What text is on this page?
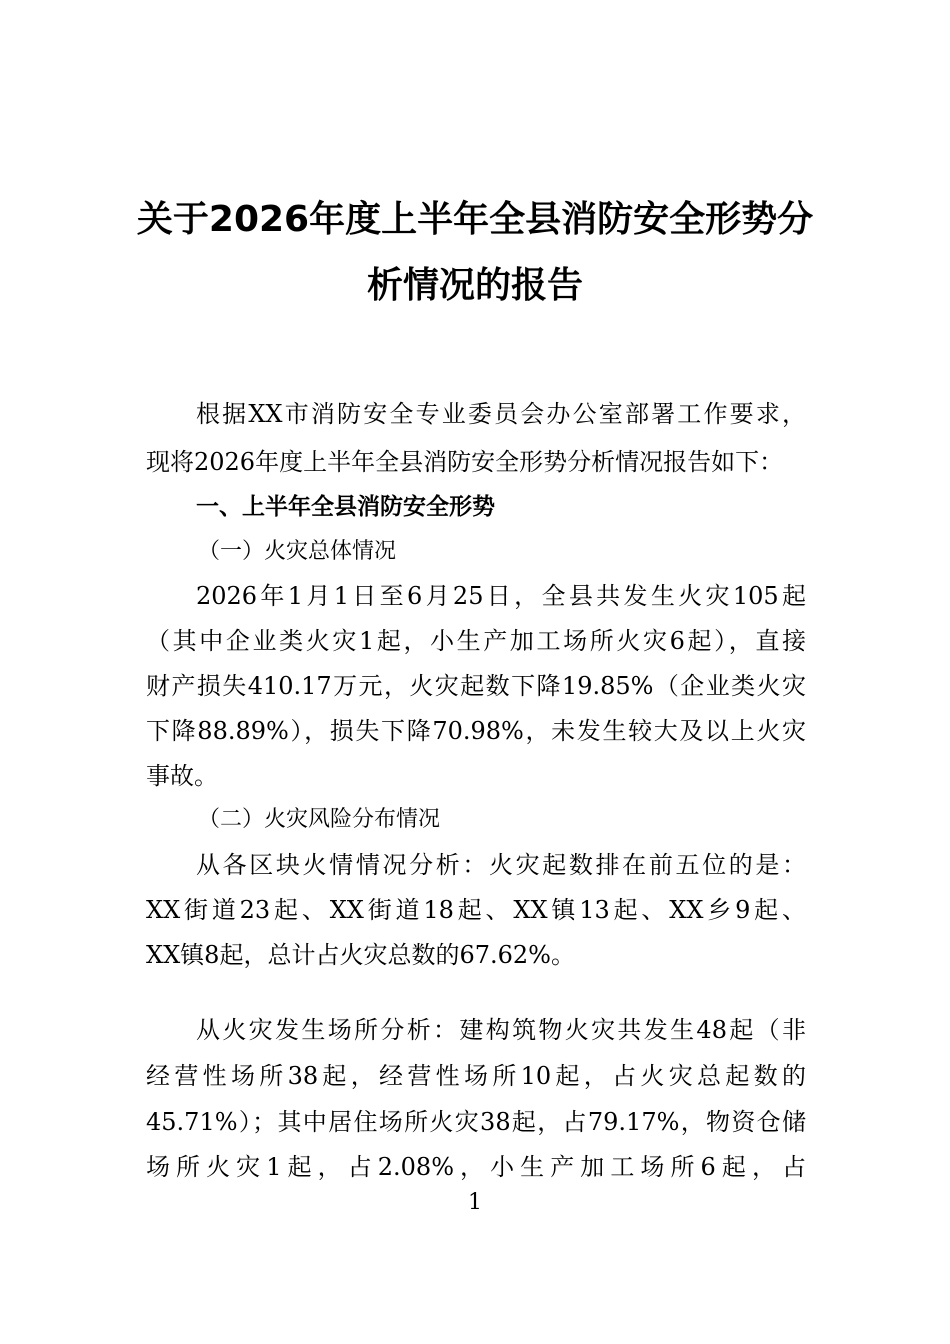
关于2026年度上半年全县消防安全形势分
析情况的报告
根据XX市消防安全专业委员会办公室部署工作要求，
现将2026年度上半年全县消防安全形势分析情况报告如下：
一、上半年全县消防安全形势
（一）火灾总体情况
2026年1月1日至6月25日，全县共发生火灾105起
（其中企业类火灾1起，小生产加工场所火灾6起），直接
财产损失410.17万元，火灾起数下降19.85%（企业类火灾
下降88.89%），损失下降70.98%，未发生较大及以上火灾
事故。
（二）火灾风险分布情况
从各区块火情情况分析：火灾起数排在前五位的是：
XX街道23起、XX街道18起、XX镇13起、XX乡9起、
XX镇8起，总计占火灾总数的67.62%。
从火灾发生场所分析：建构筑物火灾共发生48起（非
经营性场所38起，经营性场所10起，占火灾总起数的
45.71%）；其中居住场所火灾38起，占79.17%，物资仓储
场所火灾1起，占2.08%，小生产加工场所6起，占
1
